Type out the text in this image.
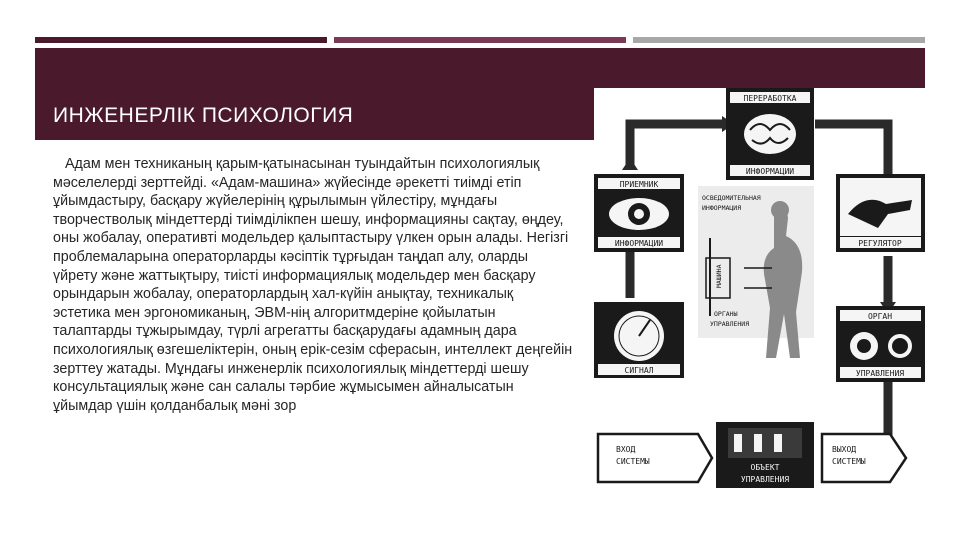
ИНЖЕНЕРЛІК ПСИХОЛОГИЯ
Адам мен техниканың қарым-қатынасынан туындайтын психологиялық мәселелерді зерттейді. «Адам-машина» жүйесінде әрекетті тиімді етіп ұйымдастыру, басқару жүйелерінің құрылымын үйлестіру, мұндағы творчестволық міндеттерді тиімділікпен шешу, информацияны сақтау, өңдеу, оны жобалау, оперативті модельдер қалыптастыру үлкен орын алады. Негізгі проблемаларына операторларды кәсіптік тұрғыдан таңдап алу, оларды үйрету және жаттықтыру, тиісті информациялық модельдер мен басқару орындарын жобалау, операторлардың хал-күйін анықтау, техникалық эстетика мен эргономиканың, ЭВМ-нің алгоритмдеріне қойылатын талаптарды тұжырымдау, түрлі агрегатты басқарудағы адамның дара психологиялық өзгешеліктерін, оның ерік-сезім сферасын, интеллект деңгейін зерттеу жатады. Мұндағы инженерлік психологиялық міндеттерді шешу консультациялық және сан салалы тәрбие жұмысымен айналысатын ұйымдар үшін қолданбалық мәні зор
ПЕРЕРАБОТКА
ИНФОРМАЦИИ
ПРИЕМНИК
ИНФОРМАЦИИ
ОСВЕДОМИТЕЛЬНАЯ
ИНФОРМАЦИЯ
МАШИНА
ОРГАНЫ
УПРАВЛЕНИЯ
РЕГУЛЯТОР
СИГНАЛ
ОРГАН
УПРАВЛЕНИЯ
ВХОД
СИСТЕМЫ
ОБЪЕКТ
УПРАВЛЕНИЯ
ВЫХОД
СИСТЕМЫ
